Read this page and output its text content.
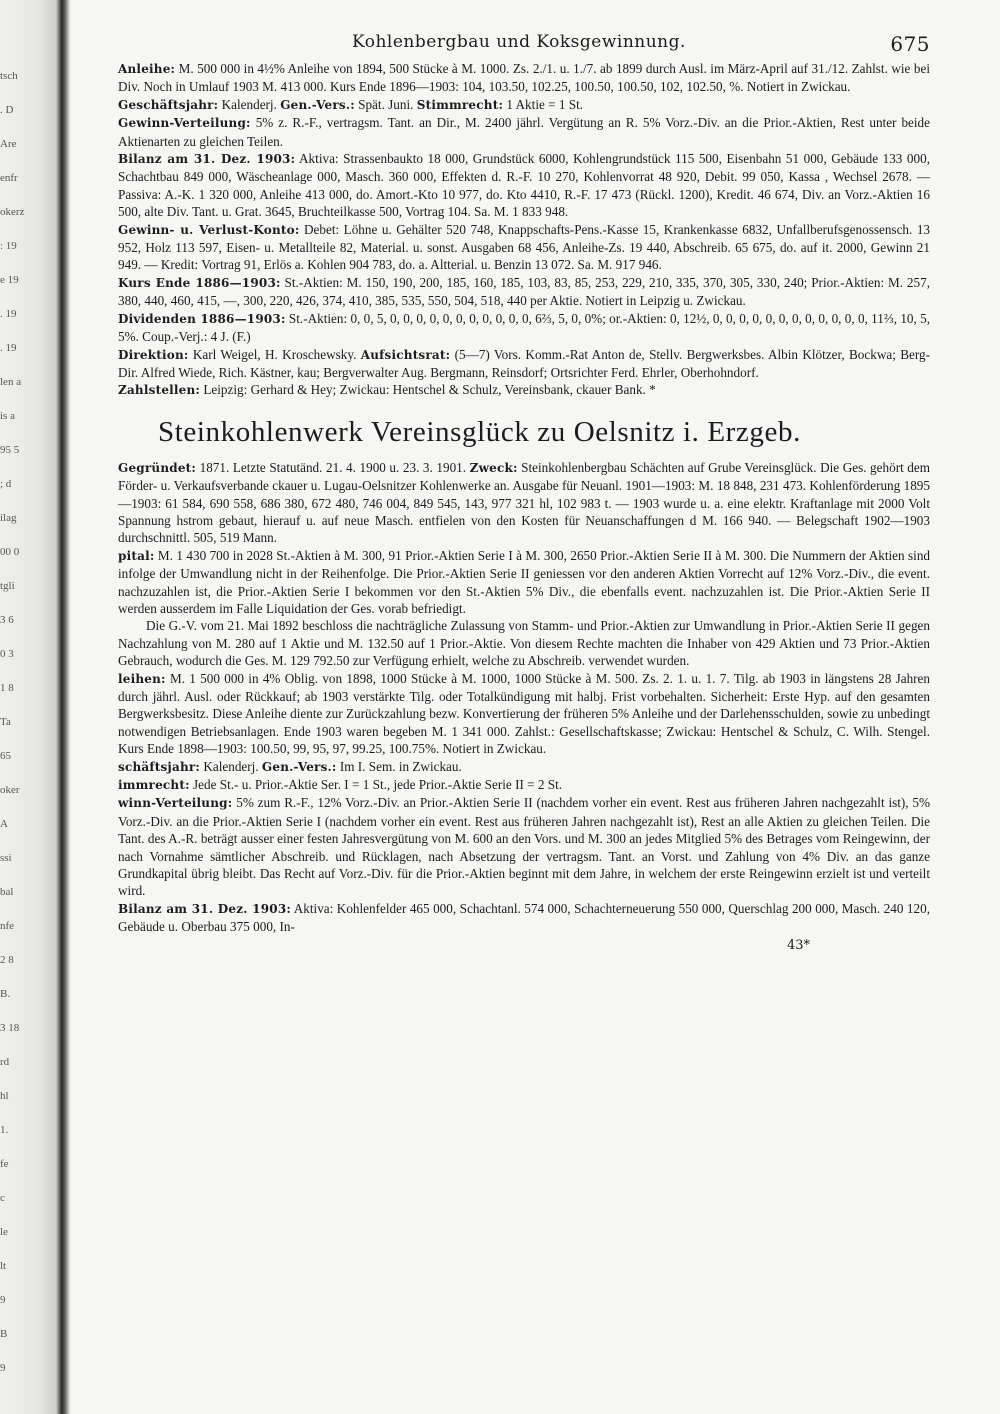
tsch
. D
Are
enfr
okerz
: 19
e 19
. 19
. 19
len a
is a
95 5
; d
ilag
00 0
tgli
3 6
0 3
1 8
Ta
65
oker
A
ssi
bal
nfe
2 8
B.
3 18
rd
hl
1.
fe
c
le
lt
9
B
9
Kohlenbergbau und Koksgewinnung.	675

Anleihe: M. 500 000 in 4½% Anleihe von 1894, 500 Stücke à M. 1000. Zs. 2./1. u. 1./7. ab 1899 durch Ausl. im März-April auf 31./12. Zahlst. wie bei Div. Noch in Umlauf 1903 M. 413 000. Kurs Ende 1896—1903: 104, 103.50, 102.25, 100.50, 100.50, 102, 102.50, %. Notiert in Zwickau.

Geschäftsjahr: Kalenderj. Gen.-Vers.: Spät. Juni. Stimmrecht: 1 Aktie = 1 St.

Gewinn-Verteilung: 5% z. R.-F., vertragsm. Tant. an Dir., M. 2400 jährl. Vergütung an R. 5% Vorz.-Div. an die Prior.-Aktien, Rest unter beide Aktienarten zu gleichen Teilen.

Bilanz am 31. Dez. 1903: Aktiva: Strassenbaukto 18 000, Grundstück 6000, Kohlengrundstück 115 500, Eisenbahn 51 000, Gebäude 133 000, Schachtbau 849 000, Wäscheanlage 000, Masch. 360 000, Effekten d. R.-F. 10 270, Kohlenvorrat 48 920, Debit. 99 050, Kassa , Wechsel 2678. — Passiva: A.-K. 1 320 000, Anleihe 413 000, do. Amort.-Kto 10 977, do. Kto 4410, R.-F. 17 473 (Rückl. 1200), Kredit. 46 674, Div. an Vorz.-Aktien 16 500, alte Div. Tant. u. Grat. 3645, Bruchteilkasse 500, Vortrag 104. Sa. M. 1 833 948.

Gewinn- u. Verlust-Konto: Debet: Löhne u. Gehälter 520 748, Knappschafts-Pens.-Kasse 15, Krankenkasse 6832, Unfallberufsgenossensch. 13 952, Holz 113 597, Eisen- u. Metallteile 82, Material. u. sonst. Ausgaben 68 456, Anleihe-Zs. 19 440, Abschreib. 65 675, do. auf it. 2000, Gewinn 21 949. — Kredit: Vortrag 91, Erlös a. Kohlen 904 783, do. a. Altterial. u. Benzin 13 072. Sa. M. 917 946.

Kurs Ende 1886—1903: St.-Aktien: M. 150, 190, 200, 185, 160, 185, 103, 83, 85, 253, 229, 210, 335, 370, 305, 330, 240; Prior.-Aktien: M. 257, 380, 440, 460, 415, —, 300, 220, 426, 374, 410, 385, 535, 550, 504, 518, 440 per Aktie. Notiert in Leipzig u. Zwickau.

Dividenden 1886—1903: St.-Aktien: 0, 0, 5, 0, 0, 0, 0, 0, 0, 0, 0, 0, 0, 0, 6⅔, 5, 0, 0%; or.-Aktien: 0, 12½, 0, 0, 0, 0, 0, 0, 0, 0, 0, 0, 0, 0, 11⅔, 10, 5, 5%. Coup.-Verj.: 4 J. (F.)

Direktion: Karl Weigel, H. Kroschewsky. Aufsichtsrat: (5—7) Vors. Komm.-Rat Anton de, Stellv. Bergwerksbes. Albin Klötzer, Bockwa; Berg-Dir. Alfred Wiede, Rich. Kästner, kau; Bergverwalter Aug. Bergmann, Reinsdorf; Ortsrichter Ferd. Ehrler, Oberhohndorf.

Zahlstellen: Leipzig: Gerhard & Hey; Zwickau: Hentschel & Schulz, Vereinsbank, ckauer Bank. *

Steinkohlenwerk Vereinsglück zu Oelsnitz i. Erzgeb.

Gegründet: 1871. Letzte Statutänd. 21. 4. 1900 u. 23. 3. 1901. Zweck: Steinkohlenbergbau Schächten auf Grube Vereinsglück. Die Ges. gehört dem Förder- u. Verkaufsverbande ckauer u. Lugau-Oelsnitzer Kohlenwerke an. Ausgabe für Neuanl. 1901—1903: M. 18 848, 231 473. Kohlenförderung 1895—1903: 61 584, 690 558, 686 380, 672 480, 746 004, 849 545, 143, 977 321 hl, 102 983 t. — 1903 wurde u. a. eine elektr. Kraftanlage mit 2000 Volt Spannung hstrom gebaut, hierauf u. auf neue Masch. entfielen von den Kosten für Neuanschaffungen d M. 166 940. — Belegschaft 1902—1903 durchschnittl. 505, 519 Mann.

pital: M. 1 430 700 in 2028 St.-Aktien à M. 300, 91 Prior.-Aktien Serie I à M. 300, 2650 Prior.-Aktien Serie II à M. 300. Die Nummern der Aktien sind infolge der Umwandlung nicht in der Reihenfolge. Die Prior.-Aktien Serie II geniessen vor den anderen Aktien Vorrecht auf 12% Vorz.-Div., die event. nachzuzahlen ist, die Prior.-Aktien Serie I bekommen vor den St.-Aktien 5% Div., die ebenfalls event. nachzuzahlen ist. Die Prior.-Aktien Serie II werden ausserdem im Falle Liquidation der Ges. vorab befriedigt.

Die G.-V. vom 21. Mai 1892 beschloss die nachträgliche Zulassung von Stamm- und Prior.-Aktien zur Umwandlung in Prior.-Aktien Serie II gegen Nachzahlung von M. 280 auf 1 Aktie und M. 132.50 auf 1 Prior.-Aktie. Von diesem Rechte machten die Inhaber von 429 Aktien und 73 Prior.-Aktien Gebrauch, wodurch die Ges. M. 129 792.50 zur Verfügung erhielt, welche zu Abschreib. verwendet wurden.

leihen: M. 1 500 000 in 4% Oblig. von 1898, 1000 Stücke à M. 1000, 1000 Stücke à M. 500. Zs. 2. 1. u. 1. 7. Tilg. ab 1903 in längstens 28 Jahren durch jährl. Ausl. oder Rückkauf; ab 1903 verstärkte Tilg. oder Totalkündigung mit halbj. Frist vorbehalten. Sicherheit: Erste Hyp. auf den gesamten Bergwerksbesitz. Diese Anleihe diente zur Zurückzahlung bezw. Konvertierung der früheren 5% Anleihe und der Darlehensschulden, sowie zu unbedingt notwendigen Betriebsanlagen. Ende 1903 waren begeben M. 1 341 000. Zahlst.: Gesellschaftskasse; Zwickau: Hentschel & Schulz, C. Wilh. Stengel. Kurs Ende 1898—1903: 100.50, 99, 95, 97, 99.25, 100.75%. Notiert in Zwickau.

schäftsjahr: Kalenderj. Gen.-Vers.: Im I. Sem. in Zwickau.

immrecht: Jede St.- u. Prior.-Aktie Ser. I = 1 St., jede Prior.-Aktie Serie II = 2 St.

winn-Verteilung: 5% zum R.-F., 12% Vorz.-Div. an Prior.-Aktien Serie II (nachdem vorher ein event. Rest aus früheren Jahren nachgezahlt ist), 5% Vorz.-Div. an die Prior.-Aktien Serie I (nachdem vorher ein event. Rest aus früheren Jahren nachgezahlt ist), Rest an alle Aktien zu gleichen Teilen. Die Tant. des A.-R. beträgt ausser einer festen Jahresvergütung von M. 600 an den Vors. und M. 300 an jedes Mitglied 5% des Betrages vom Reingewinn, der nach Vornahme sämtlicher Abschreib. und Rücklagen, nach Absetzung der vertragsm. Tant. an Vorst. und Zahlung von 4% Div. an das ganze Grundkapital übrig bleibt. Das Recht auf Vorz.-Div. für die Prior.-Aktien beginnt mit dem Jahre, in welchem der erste Reingewinn erzielt ist und verteilt wird.

Bilanz am 31. Dez. 1903: Aktiva: Kohlenfelder 465 000, Schachtanl. 574 000, Schachterneuerung 550 000, Querschlag 200 000, Masch. 240 120, Gebäude u. Oberbau 375 000, In-

43*
